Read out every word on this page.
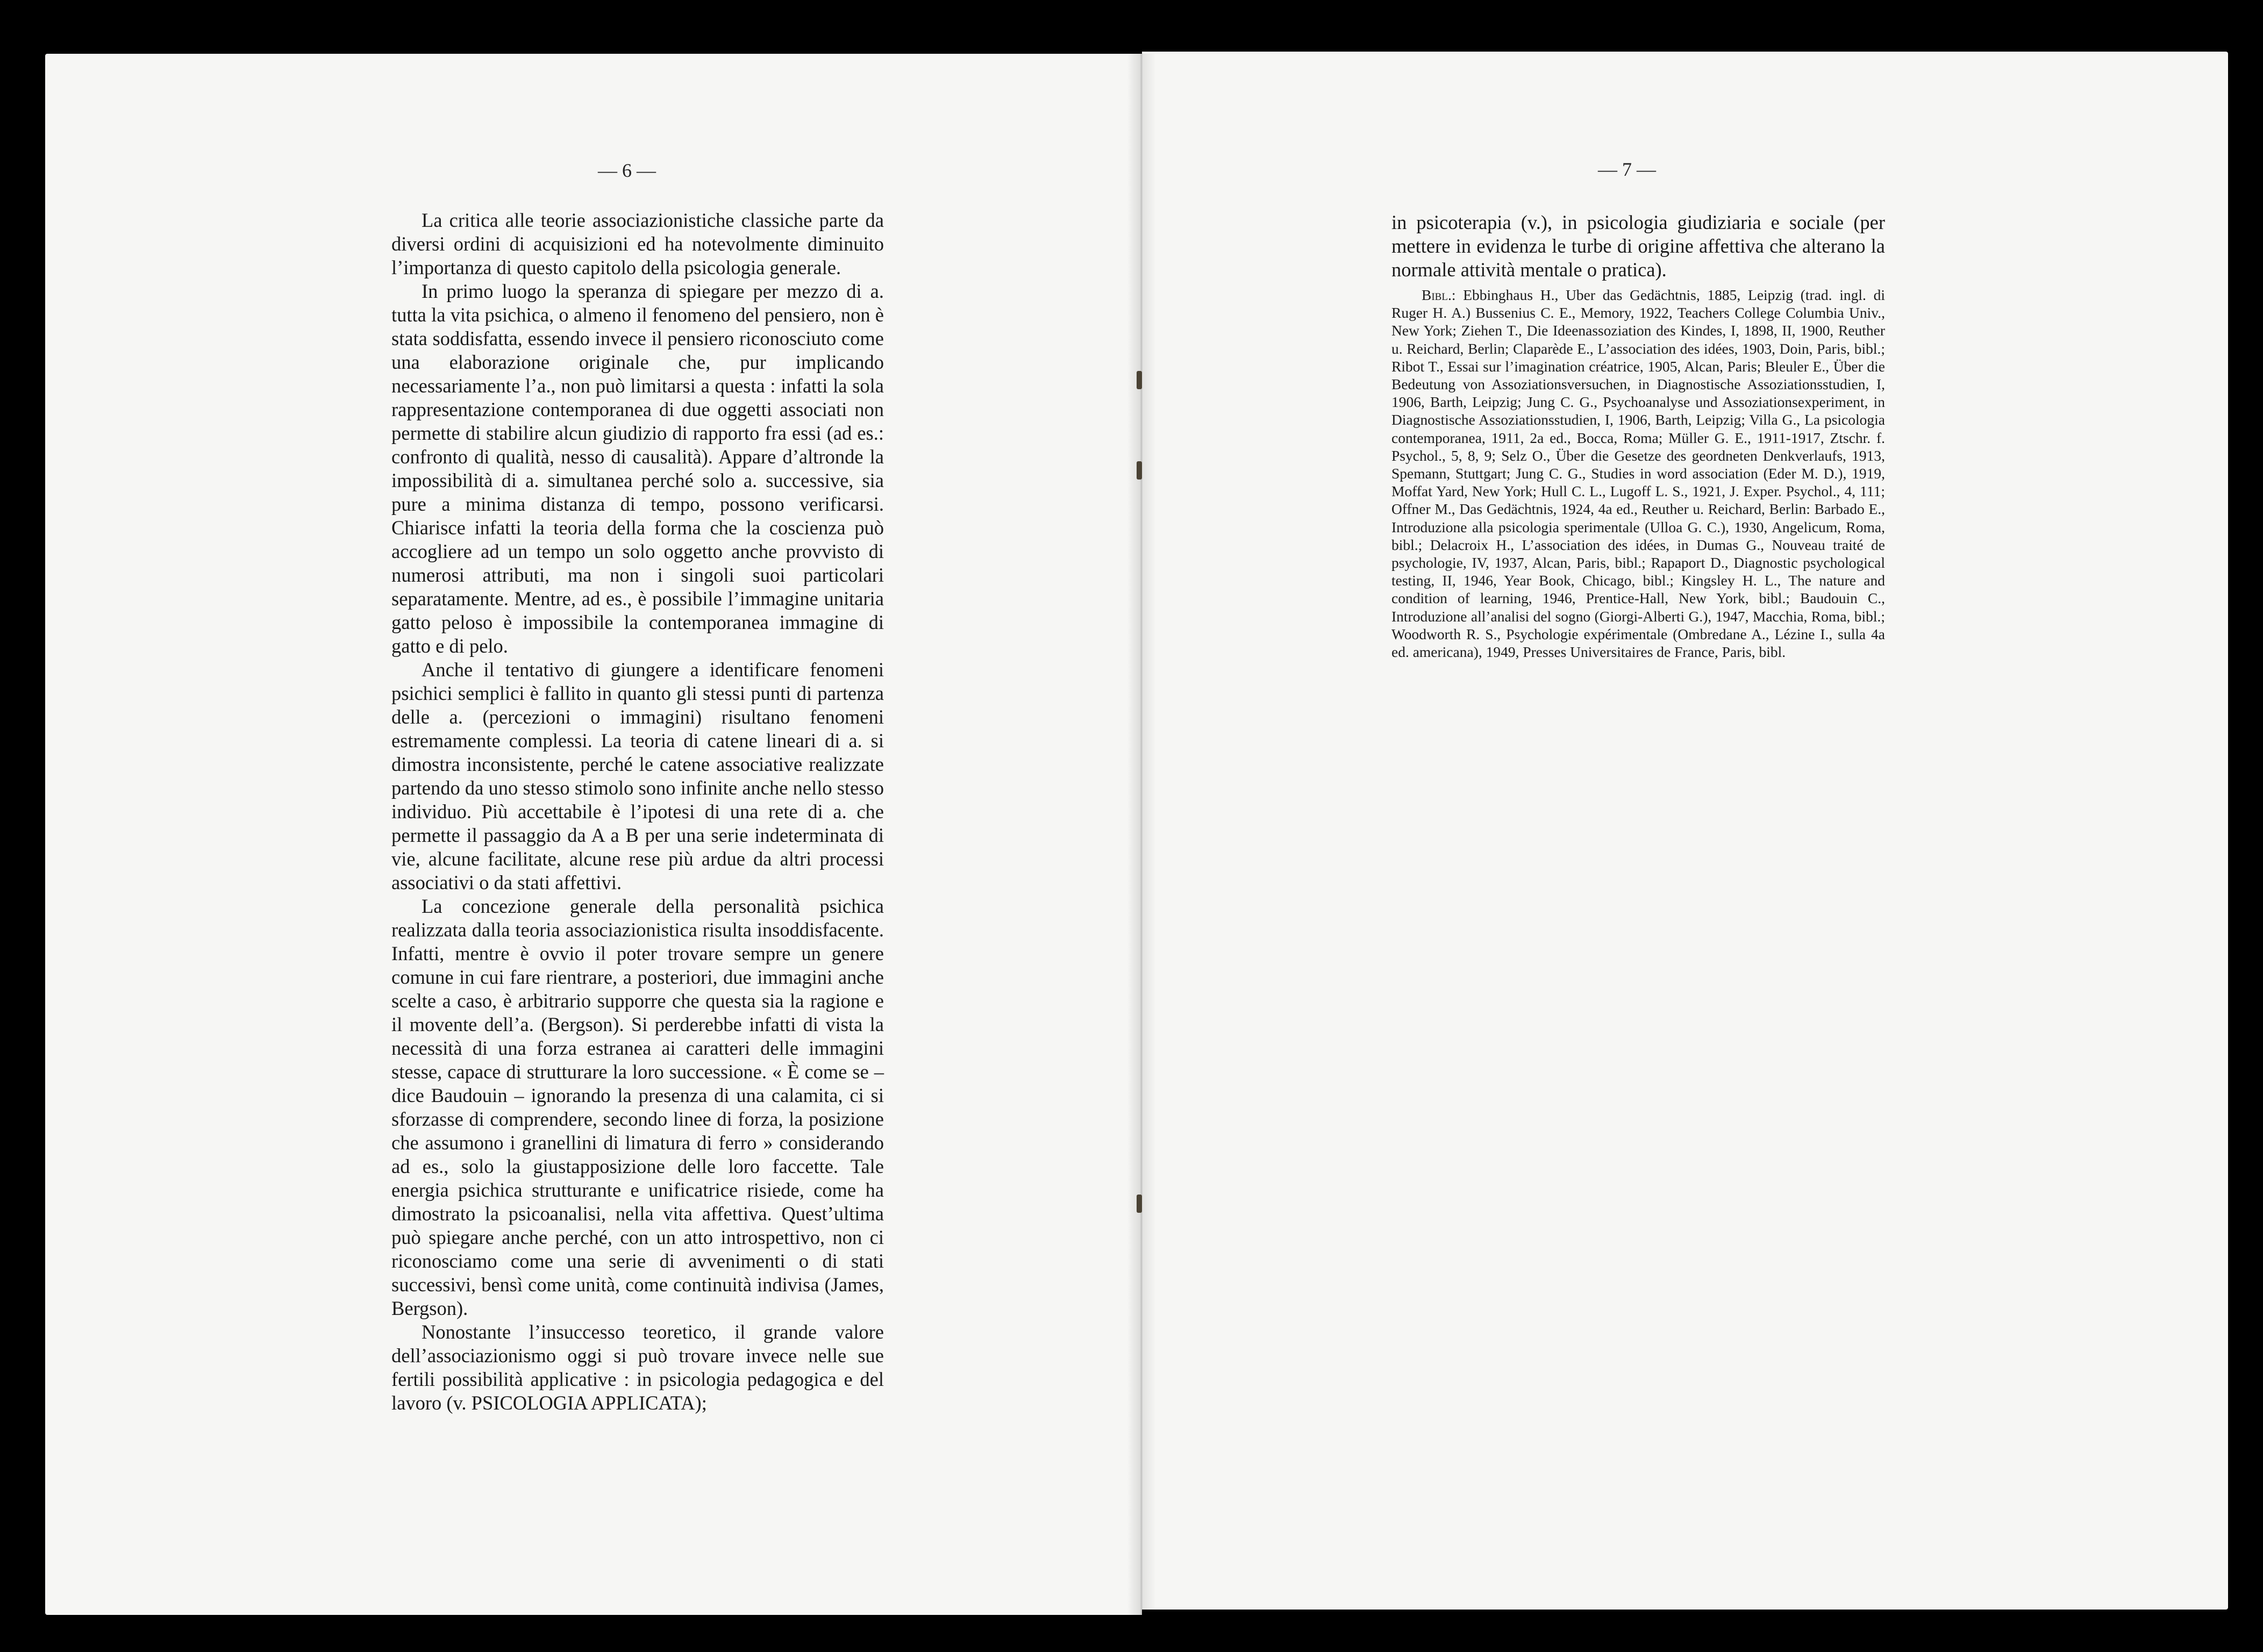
— 6 —	— 7 —

La critica alle teorie associazionistiche classiche parte da diversi ordini di acquisizioni ed ha notevolmente diminuito l’importanza di questo capitolo della psicologia generale.

In primo luogo la speranza di spiegare per mezzo di a. tutta la vita psichica, o almeno il fenomeno del pensiero, non è stata soddisfatta, essendo invece il pensiero riconosciuto come una elaborazione originale che, pur implicando necessariamente l’a., non può limitarsi a questa : infatti la sola rappresentazione contemporanea di due oggetti associati non permette di stabilire alcun giudizio di rapporto fra essi (ad es.: confronto di qualità, nesso di causalità). Appare d’altronde la impossibilità di a. simultanea perché solo a. successive, sia pure a minima distanza di tempo, possono verificarsi. Chiarisce infatti la teoria della forma che la coscienza può accogliere ad un tempo un solo oggetto anche provvisto di numerosi attributi, ma non i singoli suoi particolari separatamente. Mentre, ad es., è possibile l’immagine unitaria gatto peloso è impossibile la contemporanea immagine di gatto e di pelo.

Anche il tentativo di giungere a identificare fenomeni psichici semplici è fallito in quanto gli stessi punti di partenza delle a. (percezioni o immagini) risultano fenomeni estremamente complessi. La teoria di catene lineari di a. si dimostra inconsistente, perché le catene associative realizzate partendo da uno stesso stimolo sono infinite anche nello stesso individuo. Più accettabile è l’ipotesi di una rete di a. che permette il passaggio da A a B per una serie indeterminata di vie, alcune facilitate, alcune rese più ardue da altri processi associativi o da stati affettivi.

La concezione generale della personalità psichica realizzata dalla teoria associazionistica risulta insoddisfacente. Infatti, mentre è ovvio il poter trovare sempre un genere comune in cui fare rientrare, a posteriori, due immagini anche scelte a caso, è arbitrario supporre che questa sia la ragione e il movente dell’a. (Bergson). Si perderebbe infatti di vista la necessità di una forza estranea ai caratteri delle immagini stesse, capace di strutturare la loro successione. « È come se – dice Baudouin – ignorando la presenza di una calamita, ci si sforzasse di comprendere, secondo linee di forza, la posizione che assumono i granellini di limatura di ferro » considerando ad es., solo la giustapposizione delle loro faccette. Tale energia psichica strutturante e unificatrice risiede, come ha dimostrato la psicoanalisi, nella vita affettiva. Quest’ultima può spiegare anche perché, con un atto introspettivo, non ci riconosciamo come una serie di avvenimenti o di stati successivi, bensì come unità, come continuità indivisa (James, Bergson).

Nonostante l’insuccesso teoretico, il grande valore dell’associazionismo oggi si può trovare invece nelle sue fertili possibilità applicative : in psicologia pedagogica e del lavoro (v. PSICOLOGIA APPLICATA);

in psicoterapia (v.), in psicologia giudiziaria e sociale (per mettere in evidenza le turbe di origine affettiva che alterano la normale attività mentale o pratica).

Bibl.: Ebbinghaus H., Uber das Gedächtnis, 1885, Leipzig (trad. ingl. di Ruger H. A.) Bussenius C. E., Memory, 1922, Teachers College Columbia Univ., New York; Ziehen T., Die Ideenassoziation des Kindes, I, 1898, II, 1900, Reuther u. Reichard, Berlin; Claparède E., L’association des idées, 1903, Doin, Paris, bibl.; Ribot T., Essai sur l’imagination créatrice, 1905, Alcan, Paris; Bleuler E., Über die Bedeutung von Assoziationsversuchen, in Diagnostische Assoziationsstudien, I, 1906, Barth, Leipzig; Jung C. G., Psychoanalyse und Assoziationsexperiment, in Diagnostische Assoziationsstudien, I, 1906, Barth, Leipzig; Villa G., La psicologia contemporanea, 1911, 2a ed., Bocca, Roma; Müller G. E., 1911-1917, Ztschr. f. Psychol., 5, 8, 9; Selz O., Über die Gesetze des geordneten Denkverlaufs, 1913, Spemann, Stuttgart; Jung C. G., Studies in word association (Eder M. D.), 1919, Moffat Yard, New York; Hull C. L., Lugoff L. S., 1921, J. Exper. Psychol., 4, 111; Offner M., Das Gedächtnis, 1924, 4a ed., Reuther u. Reichard, Berlin: Barbado E., Introduzione alla psicologia sperimentale (Ulloa G. C.), 1930, Angelicum, Roma, bibl.; Delacroix H., L’association des idées, in Dumas G., Nouveau traité de psychologie, IV, 1937, Alcan, Paris, bibl.; Rapaport D., Diagnostic psychological testing, II, 1946, Year Book, Chicago, bibl.; Kingsley H. L., The nature and condition of learning, 1946, Prentice-Hall, New York, bibl.; Baudouin C., Introduzione all’analisi del sogno (Giorgi-Alberti G.), 1947, Macchia, Roma, bibl.; Woodworth R. S., Psychologie expérimentale (Ombredane A., Lézine I., sulla 4a ed. americana), 1949, Presses Universitaires de France, Paris, bibl.
